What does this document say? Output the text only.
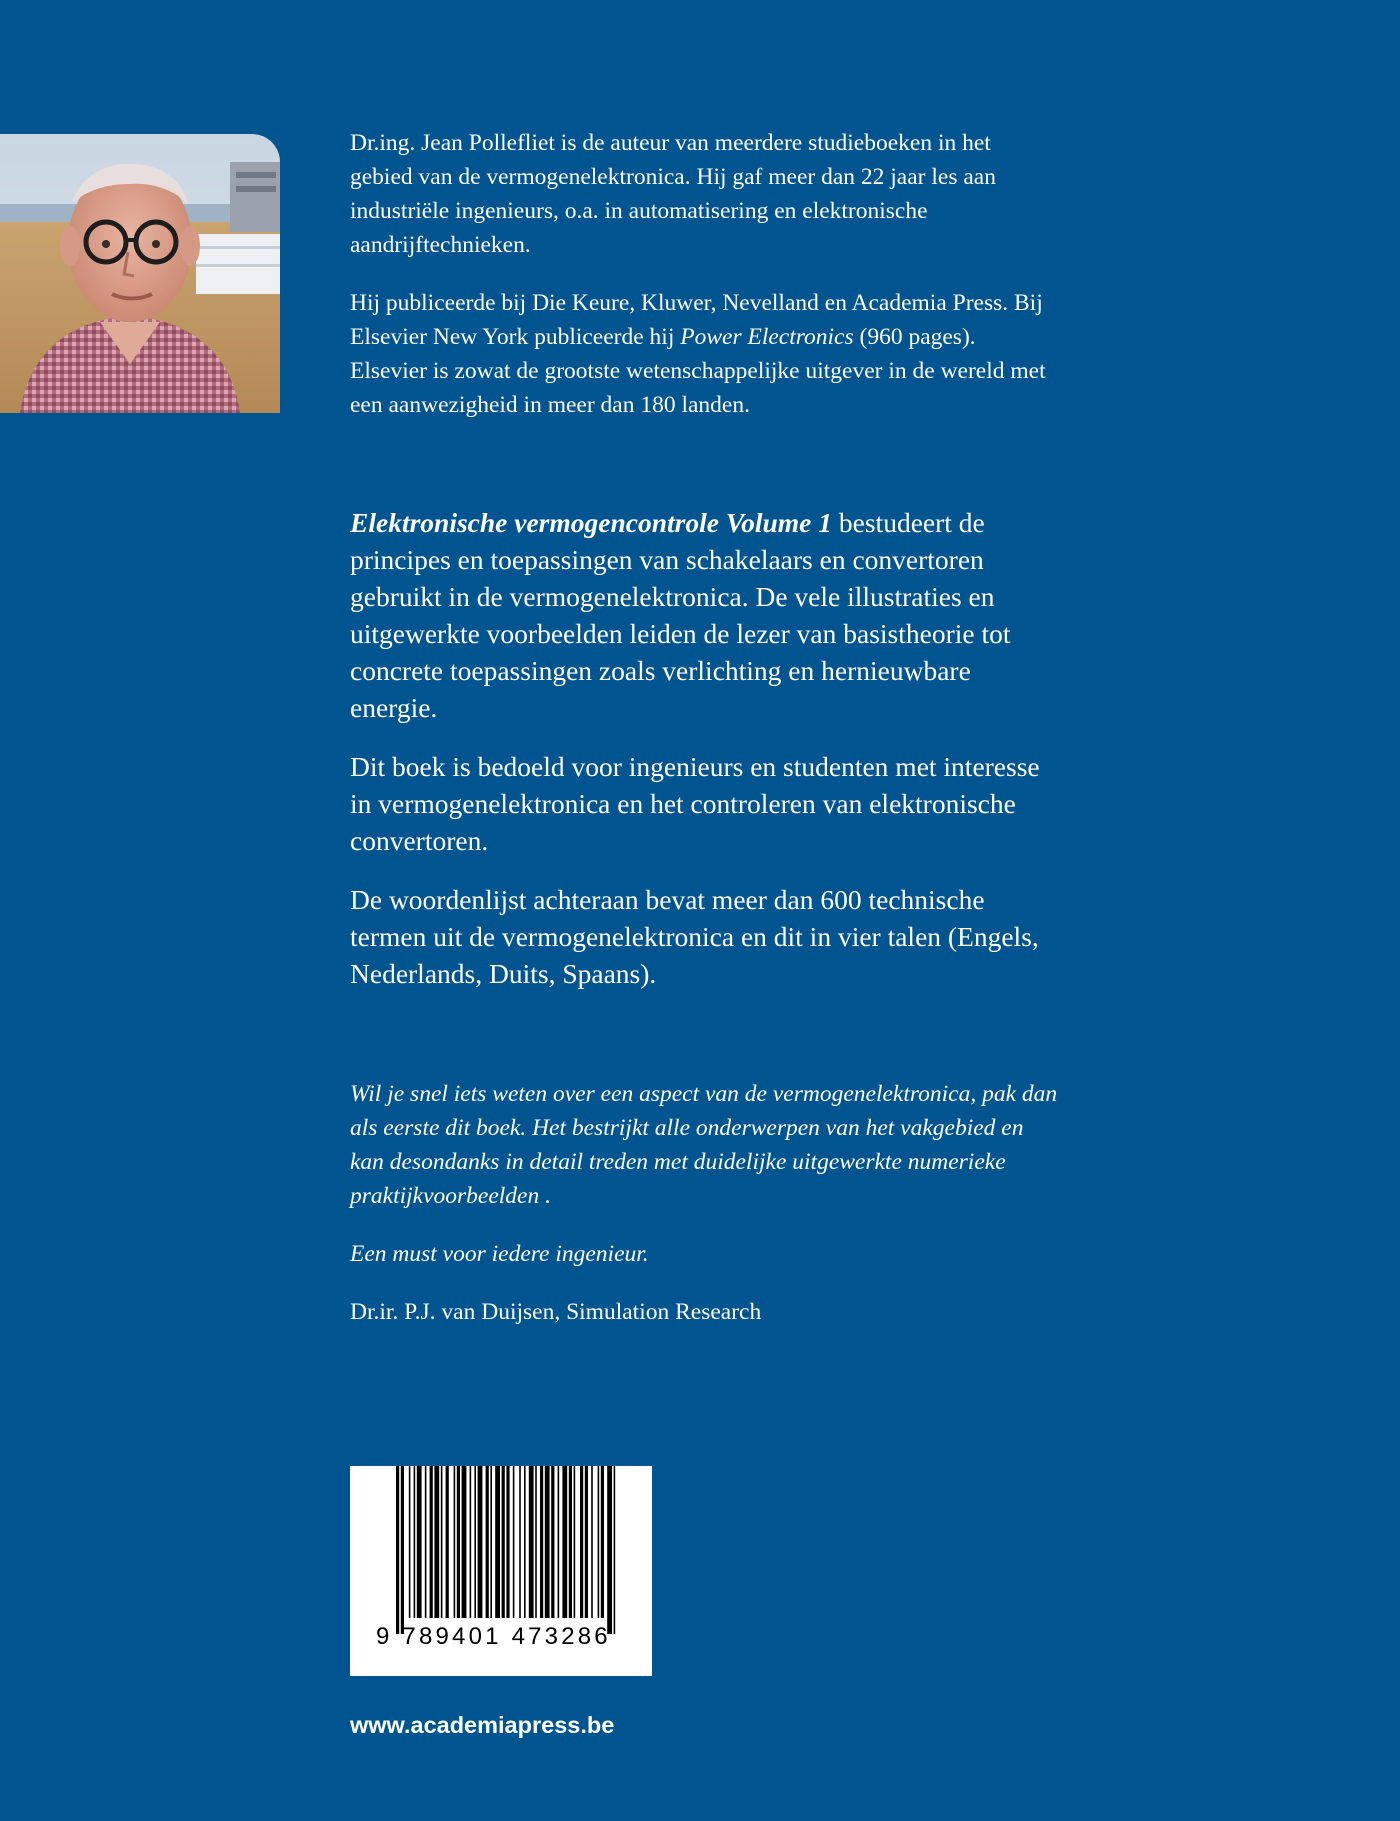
Dr.ing. Jean Pollefliet is de auteur van meerdere studieboeken in het gebied van de vermogenelektronica. Hij gaf meer dan 22 jaar les aan industriële ingenieurs, o.a. in automatisering en elektronische aandrijftechnieken.

Hij publiceerde bij Die Keure, Kluwer, Nevelland en Academia Press. Bij Elsevier New York publiceerde hij Power Electronics (960 pages). Elsevier is zowat de grootste wetenschappelijke uitgever in de wereld met een aanwezigheid in meer dan 180 landen.

Elektronische vermogencontrole Volume 1 bestudeert de principes en toepassingen van schakelaars en convertoren gebruikt in de vermogenelektronica. De vele illustraties en uitgewerkte voorbeelden leiden de lezer van basistheorie tot concrete toepassingen zoals verlichting en hernieuwbare energie.

Dit boek is bedoeld voor ingenieurs en studenten met interesse in vermogenelektronica en het controleren van elektronische convertoren.

De woordenlijst achteraan bevat meer dan 600 technische termen uit de vermogenelektronica en dit in vier talen (Engels, Nederlands, Duits, Spaans).

Wil je snel iets weten over een aspect van de vermogenelektronica, pak dan als eerste dit boek. Het bestrijkt alle onderwerpen van het vakgebied en kan desondanks in detail treden met duidelijke uitgewerkte numerieke praktijkvoorbeelden .

Een must voor iedere ingenieur.

Dr.ir. P.J. van Duijsen, Simulation Research

9 789401 473286
www.academiapress.be
